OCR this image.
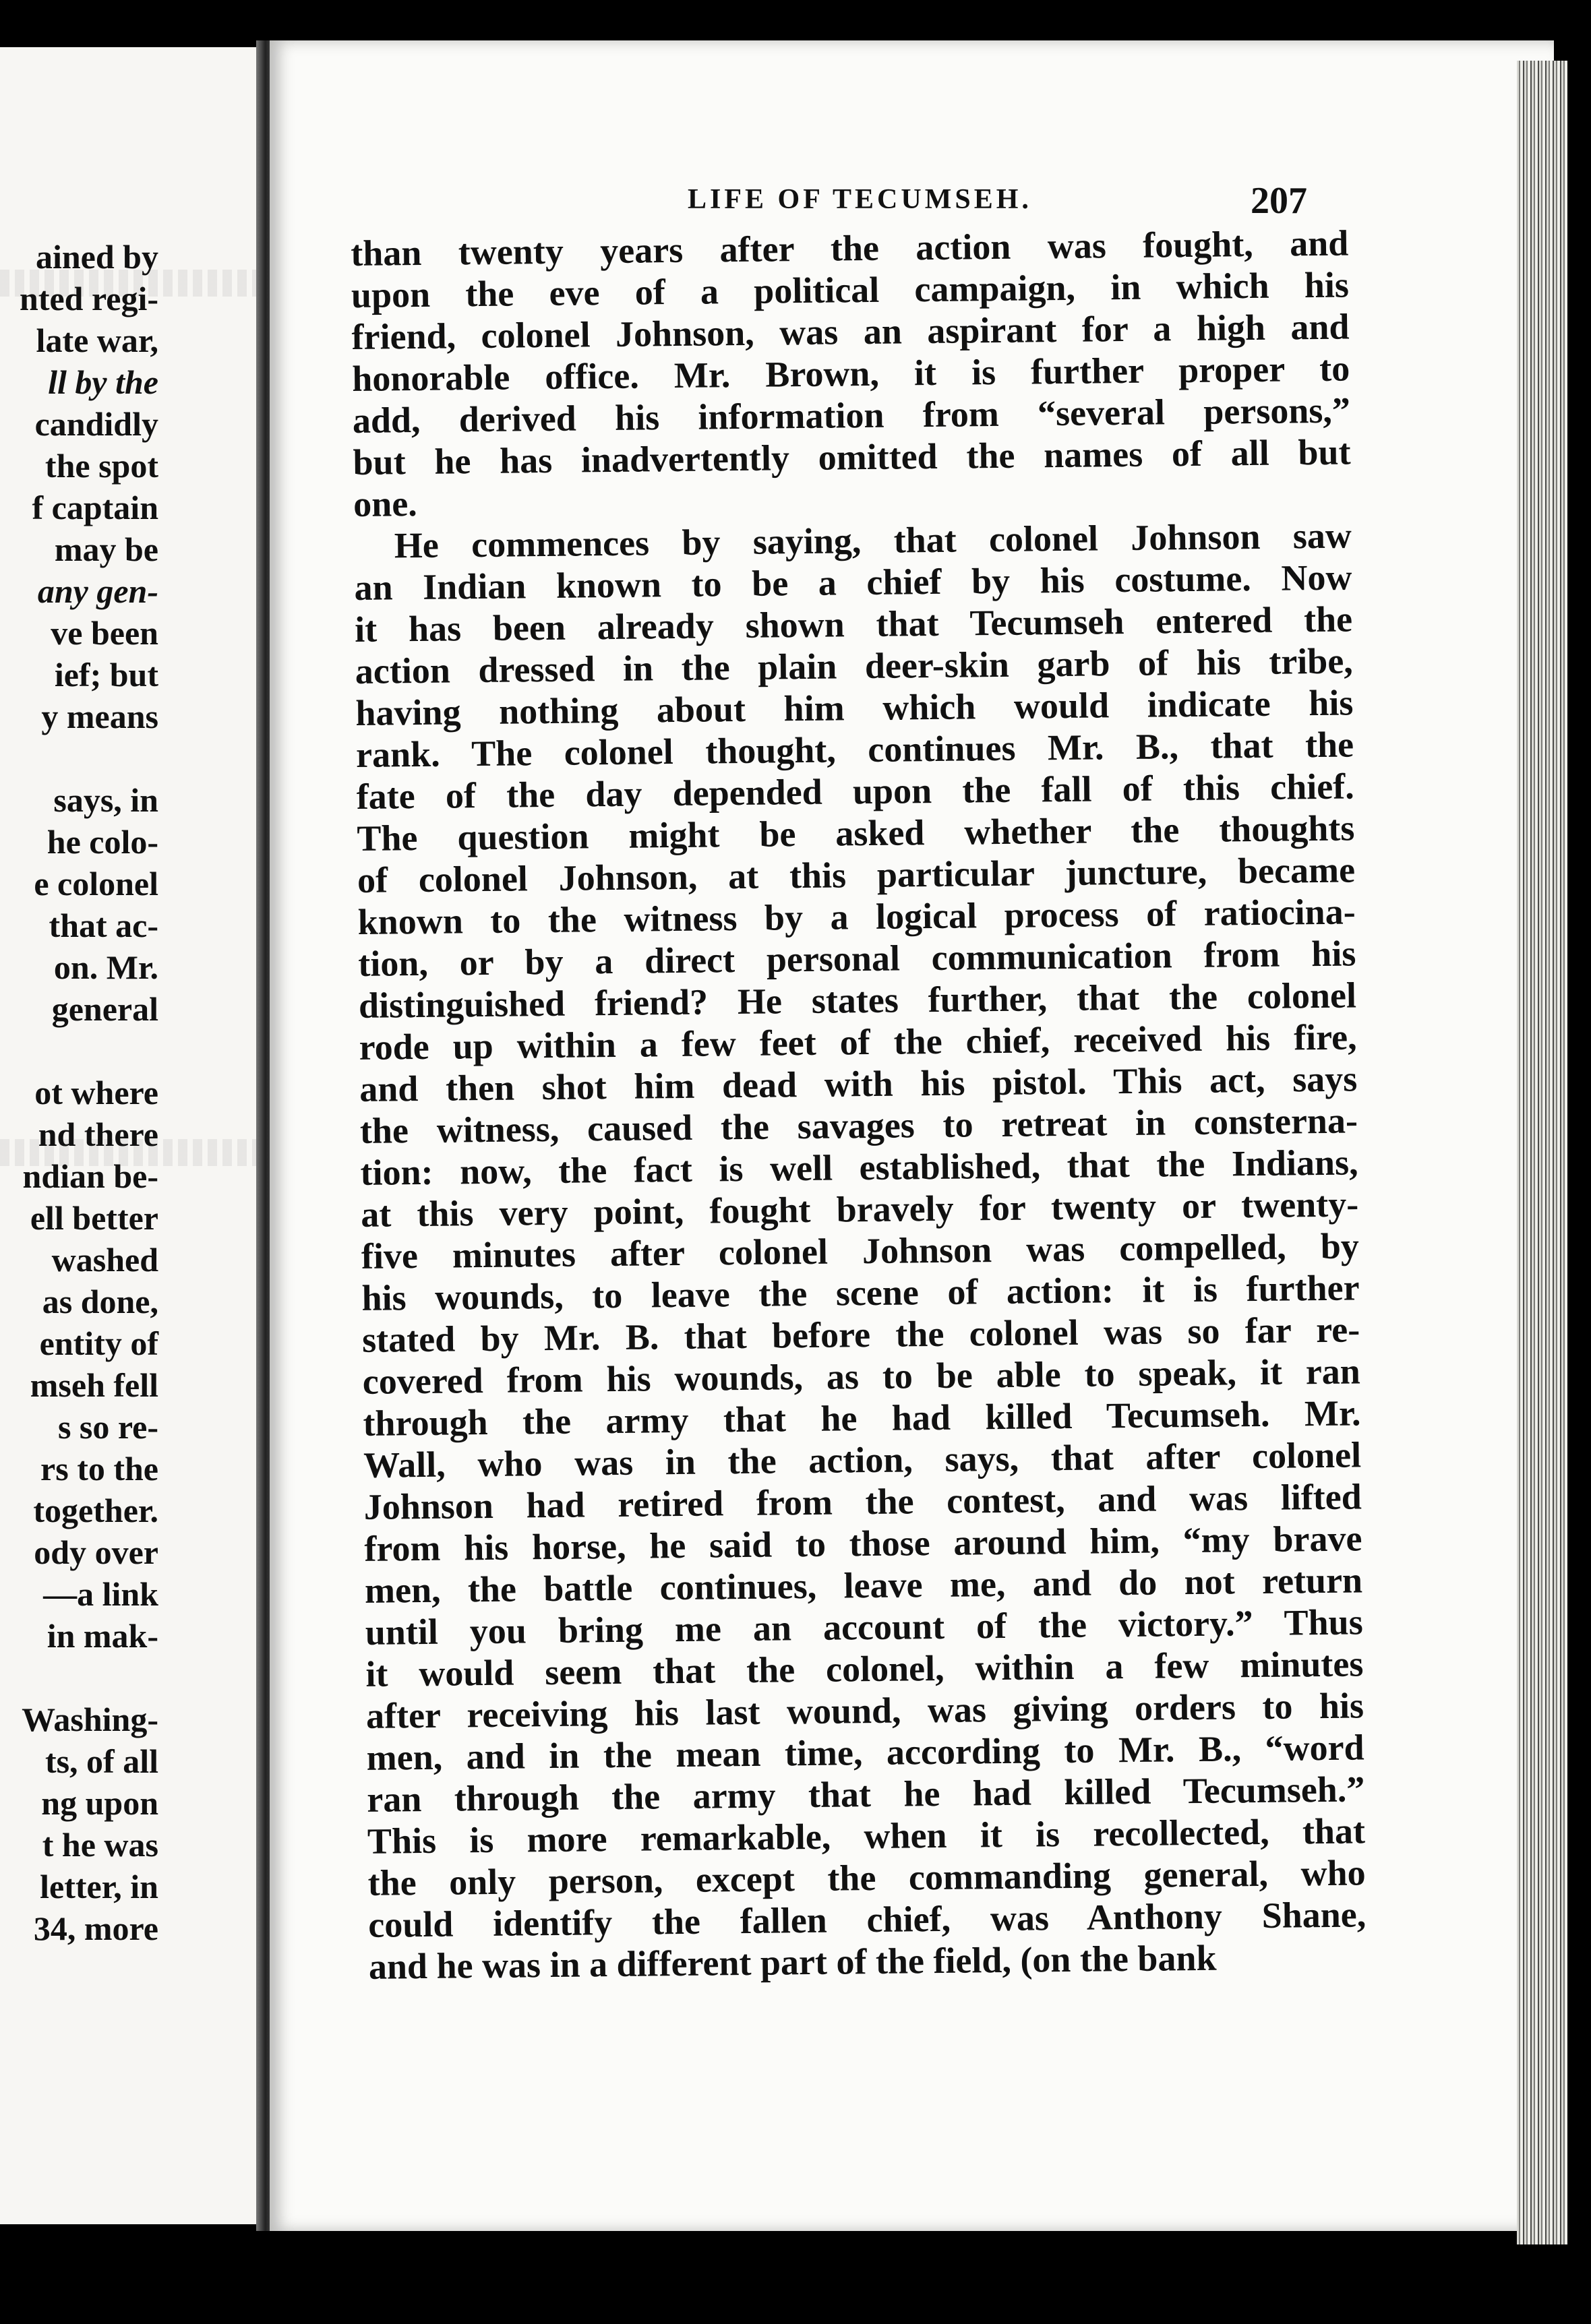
ained by
nted regi-
late war,
ll by the
candidly
the spot
f captain
may be
any gen-
ve been
ief; but
y means
says, in
he colo-
e colonel
that ac-
on. Mr.
general
ot where
nd there
ndian be-
ell better
washed
as done,
entity of
mseh fell
s so re-
rs to the
together.
ody over
—a link
in mak-
Washing-
ts, of all
ng upon
t he was
letter, in
34, more
LIFE OF TECUMSEH.	207
than twenty years after the action was fought, and
upon the eve of a political campaign, in which his
friend, colonel Johnson, was an aspirant for a high and
honorable office. Mr. Brown, it is further proper to
add, derived his information from “several persons,”
but he has inadvertently omitted the names of all but
one.
He commences by saying, that colonel Johnson saw
an Indian known to be a chief by his costume. Now
it has been already shown that Tecumseh entered the
action dressed in the plain deer-skin garb of his tribe,
having nothing about him which would indicate his
rank. The colonel thought, continues Mr. B., that the
fate of the day depended upon the fall of this chief.
The question might be asked whether the thoughts
of colonel Johnson, at this particular juncture, became
known to the witness by a logical process of ratiocina-
tion, or by a direct personal communication from his
distinguished friend? He states further, that the colonel
rode up within a few feet of the chief, received his fire,
and then shot him dead with his pistol. This act, says
the witness, caused the savages to retreat in consterna-
tion: now, the fact is well established, that the Indians,
at this very point, fought bravely for twenty or twenty-
five minutes after colonel Johnson was compelled, by
his wounds, to leave the scene of action: it is further
stated by Mr. B. that before the colonel was so far re-
covered from his wounds, as to be able to speak, it ran
through the army that he had killed Tecumseh. Mr.
Wall, who was in the action, says, that after colonel
Johnson had retired from the contest, and was lifted
from his horse, he said to those around him, “my brave
men, the battle continues, leave me, and do not return
until you bring me an account of the victory.” Thus
it would seem that the colonel, within a few minutes
after receiving his last wound, was giving orders to his
men, and in the mean time, according to Mr. B., “word
ran through the army that he had killed Tecumseh.”
This is more remarkable, when it is recollected, that
the only person, except the commanding general, who
could identify the fallen chief, was Anthony Shane,
and he was in a different part of the field, (on the bank
